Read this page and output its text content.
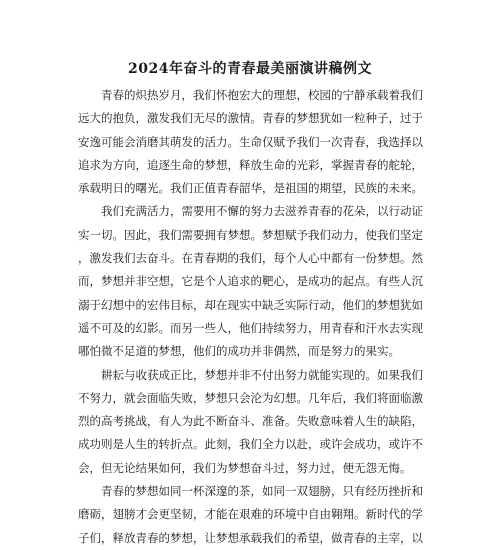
2024年奋斗的青春最美丽演讲稿例文

青春的炽热岁月，我们怀抱宏大的理想，校园的宁静承载着我们
远大的抱负，激发我们无尽的激情。青春的梦想犹如一粒种子，过于
安逸可能会消磨其萌发的活力。生命仅赋予我们一次青春，我选择以
追求为方向，追逐生命的梦想，释放生命的光彩，掌握青春的舵轮，
承载明日的曙光。我们正值青春韶华，是祖国的期望，民族的未来。

我们充满活力，需要用不懈的努力去滋养青春的花朵，以行动证
实一切。因此，我们需要拥有梦想。梦想赋予我们动力，使我们坚定
，激发我们去奋斗。在青春期的我们，每个人心中都有一份梦想。然
而，梦想并非空想，它是个人追求的靶心，是成功的起点。有些人沉
溺于幻想中的宏伟目标，却在现实中缺乏实际行动，他们的梦想犹如
遥不可及的幻影。而另一些人，他们持续努力，用青春和汗水去实现
哪怕微不足道的梦想，他们的成功并非偶然，而是努力的果实。

耕耘与收获成正比，梦想并非不付出努力就能实现的。如果我们
不努力，就会面临失败，梦想只会沦为幻想。几年后，我们将面临激
烈的高考挑战，有人为此不断奋斗、准备。失败意味着人生的缺陷，
成功则是人生的转折点。此刻，我们全力以赴，或许会成功，或许不
会，但无论结果如何，我们为梦想奋斗过，努力过，便无怨无悔。

青春的梦想如同一杯深邃的茶，如同一双翅膀，只有经历挫折和
磨砺，翅膀才会更坚韧，才能在艰难的环境中自由翱翔。新时代的学
子们，释放青春的梦想，让梦想承载我们的希望，做青春的主宰，以
